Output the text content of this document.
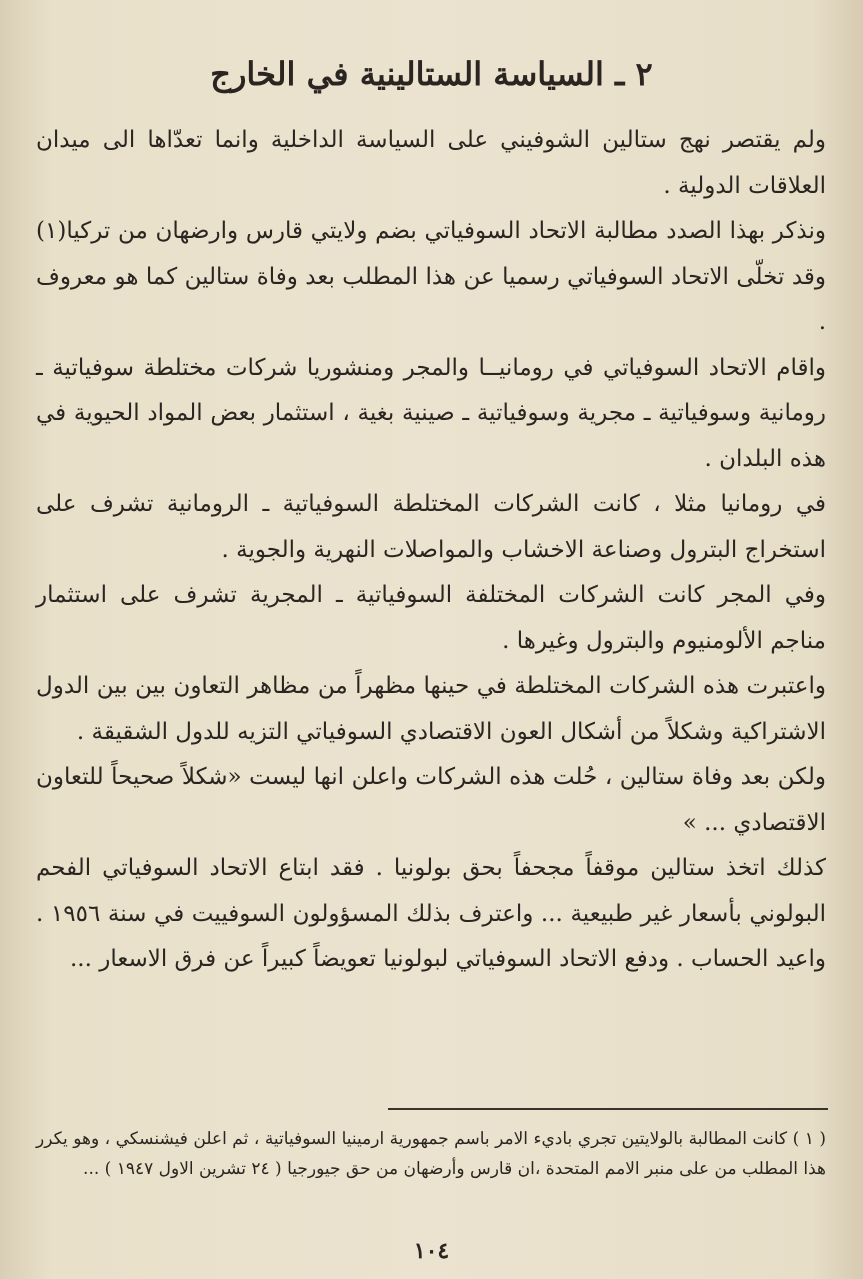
٢ ـ السياسة الستالينية في الخارج

ولم يقتصر نهج ستالين الشوفيني على السياسة الداخلية وانما تعدّاها الى ميدان العلاقات الدولية .

ونذكر بهذا الصدد مطالبة الاتحاد السوفياتي بضم ولايتي قارس وارضهان من تركيا(١) وقد تخلّى الاتحاد السوفياتي رسميا عن هذا المطلب بعد وفاة ستالين كما هو معروف .

واقام الاتحاد السوفياتي في رومانيــا والمجر ومنشوريا شركات مختلطة سوفياتية ـ رومانية وسوفياتية ـ مجرية وسوفياتية ـ صينية بغية ، استثمار بعض المواد الحيوية في هذه البلدان .

في رومانيا مثلا ، كانت الشركات المختلطة السوفياتية ـ الرومانية تشرف على استخراج البترول وصناعة الاخشاب والمواصلات النهرية والجوية .

وفي المجر كانت الشركات المختلفة السوفياتية ـ المجرية تشرف على استثمار مناجم الألومنيوم والبترول وغيرها .

واعتبرت هذه الشركات المختلطة في حينها مظهراً من مظاهر التعاون بين بين الدول الاشتراكية وشكلاً من أشكال العون الاقتصادي السوفياتي التزيه للدول الشقيقة .

ولكن بعد وفاة ستالين ، حُلت هذه الشركات واعلن انها ليست «شكلاً صحيحاً للتعاون الاقتصادي ... »

كذلك اتخذ ستالين موقفاً مجحفاً بحق بولونيا . فقد ابتاع الاتحاد السوفياتي الفحم البولوني بأسعار غير طبيعية ... واعترف بذلك المسؤولون السوفييت في سنة ١٩٥٦ . واعيد الحساب . ودفع الاتحاد السوفياتي لبولونيا تعويضاً كبيراً عن فرق الاسعار ...

( ١ ) كانت المطالبة بالولايتين تجري باديء الامر باسم جمهورية ارمينيا السوفياتية ، ثم اعلن فيشنسكي ، وهو يكرر هذا المطلب من على منبر الامم المتحدة ،ان قارس وأرضهان من حق جيورجيا ( ٢٤ تشرين الاول ١٩٤٧ ) ...

١٠٤
